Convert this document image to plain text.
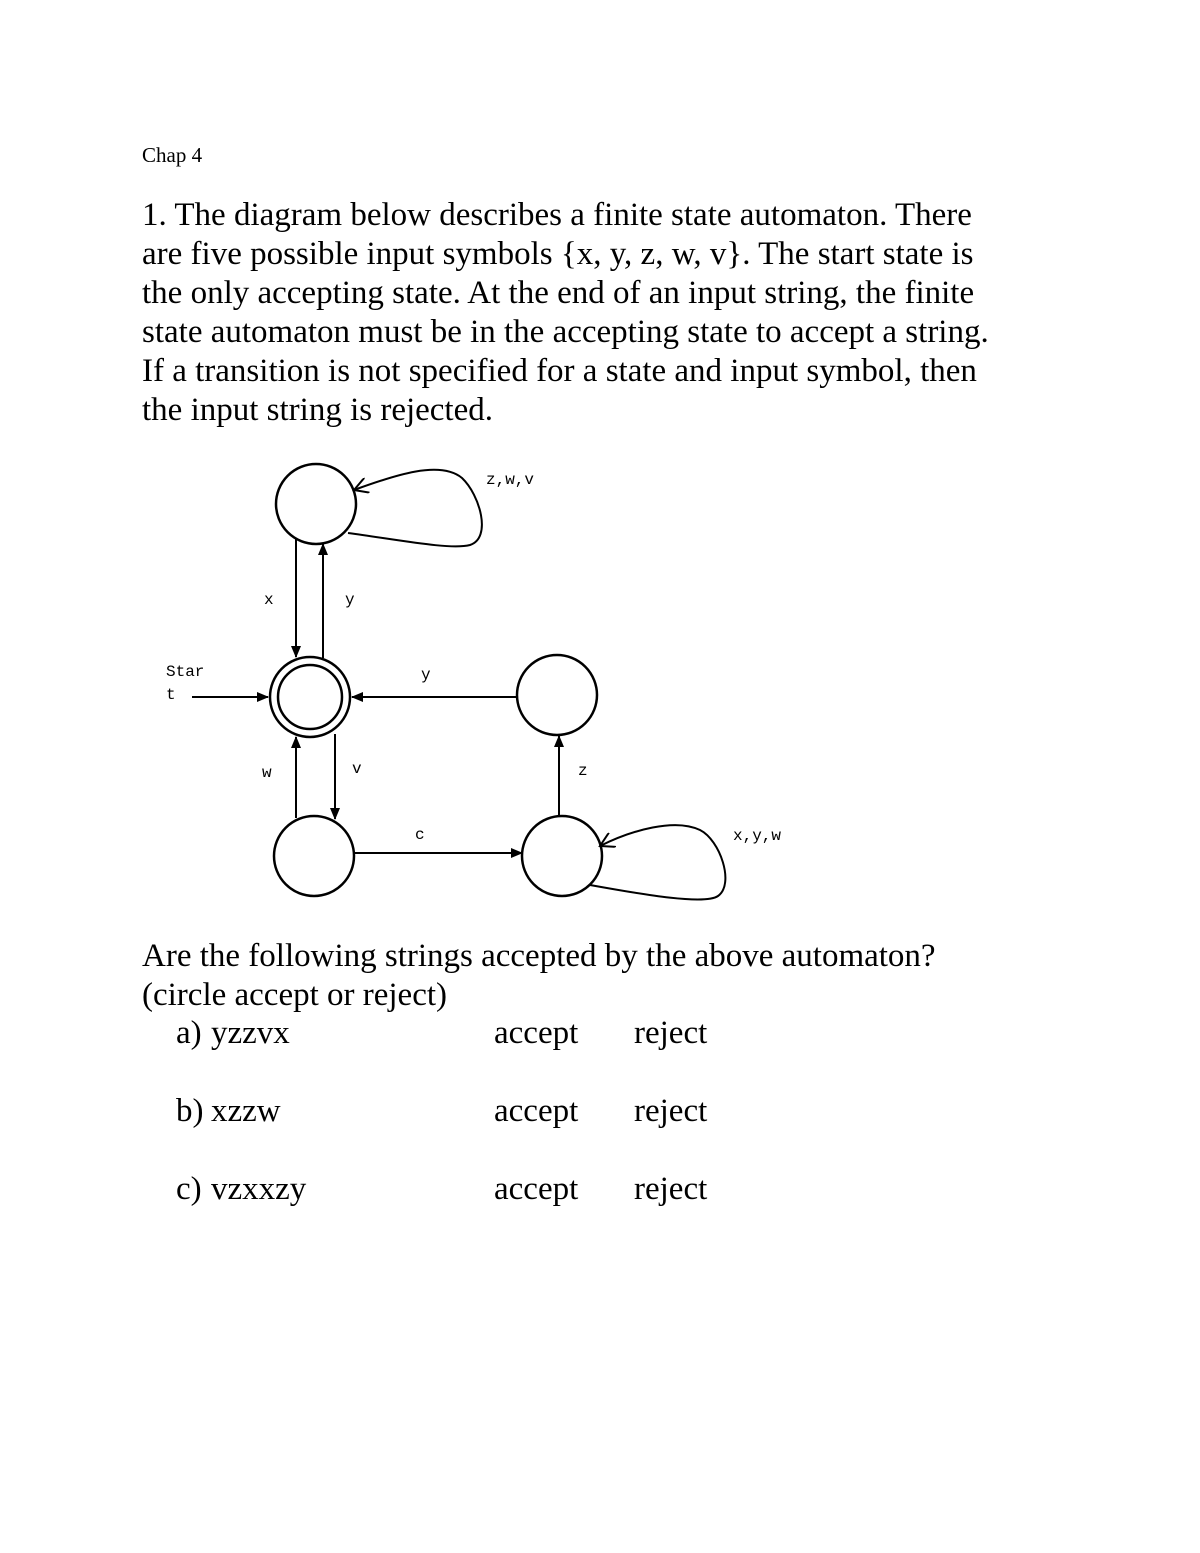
Chap 4
1. The diagram below describes a finite state automaton. There
are five possible input symbols {x, y, z, w, v}. The start state is
the only accepting state. At the end of an input string, the finite
state automaton must be in the accepting state to accept a string.
If a transition is not specified for a state and input symbol, then
the input string is rejected.
Star
t
z,w,v
x	y
y
w	v	z
c	x,y,w
Are the following strings accepted by the above automaton?
(circle accept or reject)
a) yzzvx	accept reject
b) xzzw	accept reject
c) vzxxzy	accept reject
